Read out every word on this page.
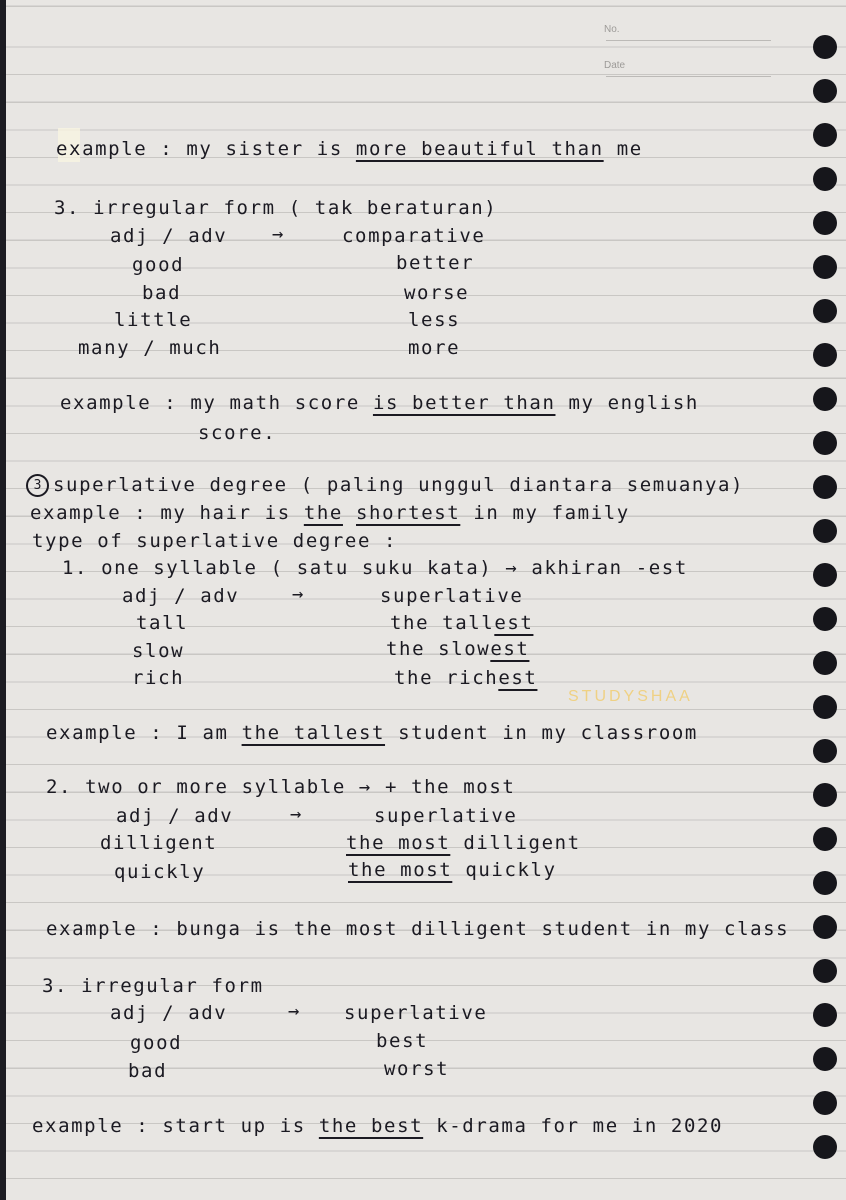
No.
Date
example : my sister is more beautiful than me
3. irregular form ( tak beraturan)
adj / adv →	comparative
good	better
bad	worse
little	less
many / much	more
example : my math score is better than my english
score.
3 superlative degree ( paling unggul diantara semuanya)
example : my hair is the shortest in my family
type of superlative degree :
1. one syllable ( satu suku kata) → akhiran -est
adj / adv	→	superlative
tall	the tallest
slow	the slowest
rich	the richest
STUDYSHAA
example : I am the tallest student in my classroom
2. two or more syllable → + the most
adj / adv	→	superlative
dilligent	the most dilligent
quickly	the most quickly
example : bunga is the most dilligent student in my class
3. irregular form
adj / adv	→ superlative
good	best
bad	worst
example : start up is the best k-drama for me in 2020
